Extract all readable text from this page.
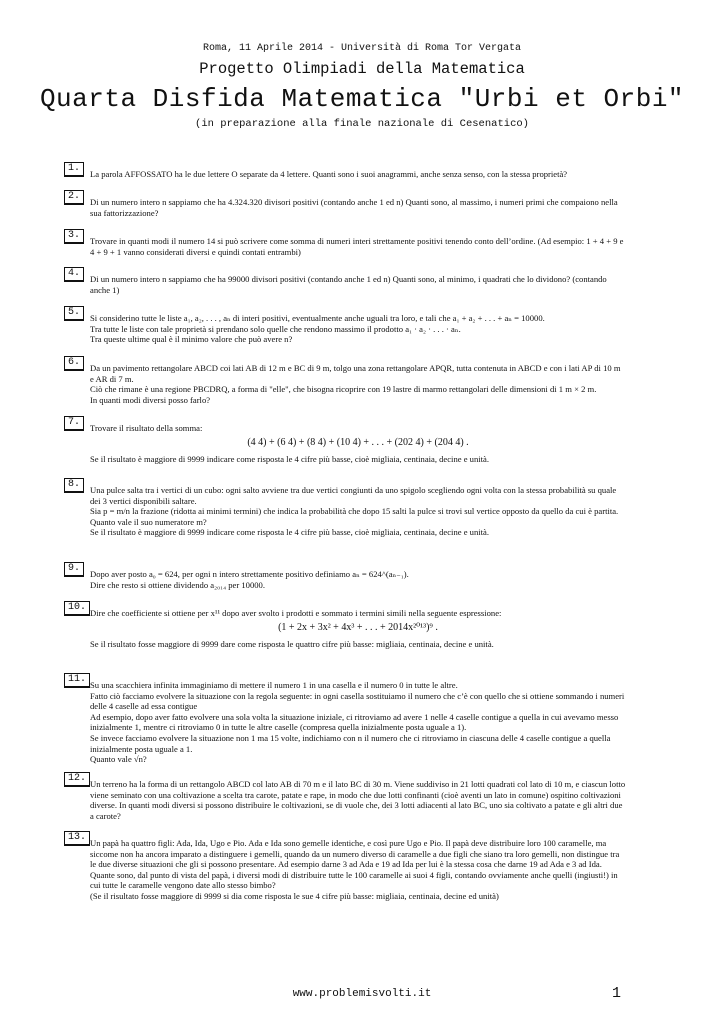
Roma, 11 Aprile 2014 - Università di Roma Tor Vergata
Progetto Olimpiadi della Matematica
Quarta Disfida Matematica "Urbi et Orbi"
(in preparazione alla finale nazionale di Cesenatico)
1.	La parola AFFOSSATO ha le due lettere O separate da 4 lettere. Quanti sono i suoi anagrammi, anche senza senso, con la stessa proprietà?

2.	Di un numero intero n sappiamo che ha 4.324.320 divisori positivi (contando anche 1 ed n) Quanti sono, al massimo, i numeri primi che compaiono nella sua fattorizzazione?

3.	Trovare in quanti modi il numero 14 si può scrivere come somma di numeri interi strettamente positivi tenendo conto dell’ordine. (Ad esempio: 1 + 4 + 9 e 4 + 9 + 1 vanno considerati diversi e quindi contati entrambi)

4.	Di un numero intero n sappiamo che ha 99000 divisori positivi (contando anche 1 ed n) Quanti sono, al minimo, i quadrati che lo dividono? (contando anche 1)

5.	Si considerino tutte le liste a₁, a₂, . . . , aₙ di interi positivi, eventualmente anche uguali tra loro, e tali che a₁ + a₂ + . . . + aₙ = 10000.

Tra tutte le liste con tale proprietà si prendano solo quelle che rendono massimo il prodotto a₁ · a₂ · . . . · aₙ.

Tra queste ultime qual è il minimo valore che può avere n?

6.	Da un pavimento rettangolare ABCD coi lati AB di 12 m e BC di 9 m, tolgo una zona rettangolare APQR, tutta contenuta in ABCD e con i lati AP di 10 m e AR di 7 m.

Ciò che rimane è una regione PBCDRQ, a forma di "elle", che bisogna ricoprire con 19 lastre di marmo rettangolari delle dimensioni di 1 m × 2 m.

In quanti modi diversi posso farlo?

7.	Trovare il risultato della somma:

(4 4) + (6 4) + (8 4) + (10 4) + . . . + (202 4) + (204 4) .

Se il risultato è maggiore di 9999 indicare come risposta le 4 cifre più basse, cioè migliaia, centinaia, decine e unità.

8.	Una pulce salta tra i vertici di un cubo: ogni salto avviene tra due vertici congiunti da uno spigolo scegliendo ogni volta con la stessa probabilità su quale dei 3 vertici disponibili saltare.

Sia p = m/n la frazione (ridotta ai minimi termini) che indica la probabilità che dopo 15 salti la pulce si trovi sul vertice opposto da quello da cui è partita.

Quanto vale il suo numeratore m?

Se il risultato è maggiore di 9999 indicare come risposta le 4 cifre più basse, cioè migliaia, centinaia, decine e unità.

9.	Dopo aver posto a₀ = 624, per ogni n intero strettamente positivo definiamo aₙ = 624^(aₙ₋₁).

Dire che resto si ottiene dividendo a₂₀₁₄ per 10000.

10. Dire che coefficiente si ottiene per x¹¹ dopo aver svolto i prodotti e sommato i termini simili nella seguente espressione:

(1 + 2x + 3x² + 4x³ + . . . + 2014x²⁰¹³)⁹ .

Se il risultato fosse maggiore di 9999 dare come risposta le quattro cifre più basse: migliaia, centinaia, decine e unità.

11. Su una scacchiera infinita immaginiamo di mettere il numero 1 in una casella e il numero 0 in tutte le altre.

Fatto ciò facciamo evolvere la situazione con la regola seguente: in ogni casella sostituiamo il numero che c’è con quello che si ottiene sommando i numeri delle 4 caselle ad essa contigue

Ad esempio, dopo aver fatto evolvere una sola volta la situazione iniziale, ci ritroviamo ad avere 1 nelle 4 caselle contigue a quella in cui avevamo messo inizialmente 1, mentre ci ritroviamo 0 in tutte le altre caselle (compresa quella inizialmente posta uguale a 1).

Se invece facciamo evolvere la situazione non 1 ma 15 volte, indichiamo con n il numero che ci ritroviamo in ciascuna delle 4 caselle contigue a quella inizialmente posta uguale a 1.

Quanto vale √n?

12. Un terreno ha la forma di un rettangolo ABCD col lato AB di 70 m e il lato BC di 30 m. Viene suddiviso in 21 lotti quadrati col lato di 10 m, e ciascun lotto viene seminato con una coltivazione a scelta tra carote, patate e rape, in modo che due lotti confinanti (cioè aventi un lato in comune) ospitino coltivazioni diverse. In quanti modi diversi si possono distribuire le coltivazioni, se di vuole che, dei 3 lotti adiacenti al lato BC, uno sia coltivato a patate e gli altri due a carote?

13. Un papà ha quattro figli: Ada, Ida, Ugo e Pio. Ada e Ida sono gemelle identiche, e così pure Ugo e Pio. Il papà deve distribuire loro 100 caramelle, ma siccome non ha ancora imparato a distinguere i gemelli, quando da un numero diverso di caramelle a due figli che siano tra loro gemelli, non distingue tra le due diverse situazioni che gli si possono presentare. Ad esempio darne 3 ad Ada e 19 ad Ida per lui è la stessa cosa che darne 19 ad Ada e 3 ad Ida.

Quante sono, dal punto di vista del papà, i diversi modi di distribuire tutte le 100 caramelle ai suoi 4 figli, contando ovviamente anche quelli (ingiusti!) in cui tutte le caramelle vengono date allo stesso bimbo?

(Se il risultato fosse maggiore di 9999 si dia come risposta le sue 4 cifre più basse: migliaia, centinaia, decine ed unità)

www.problemisvolti.it	1
